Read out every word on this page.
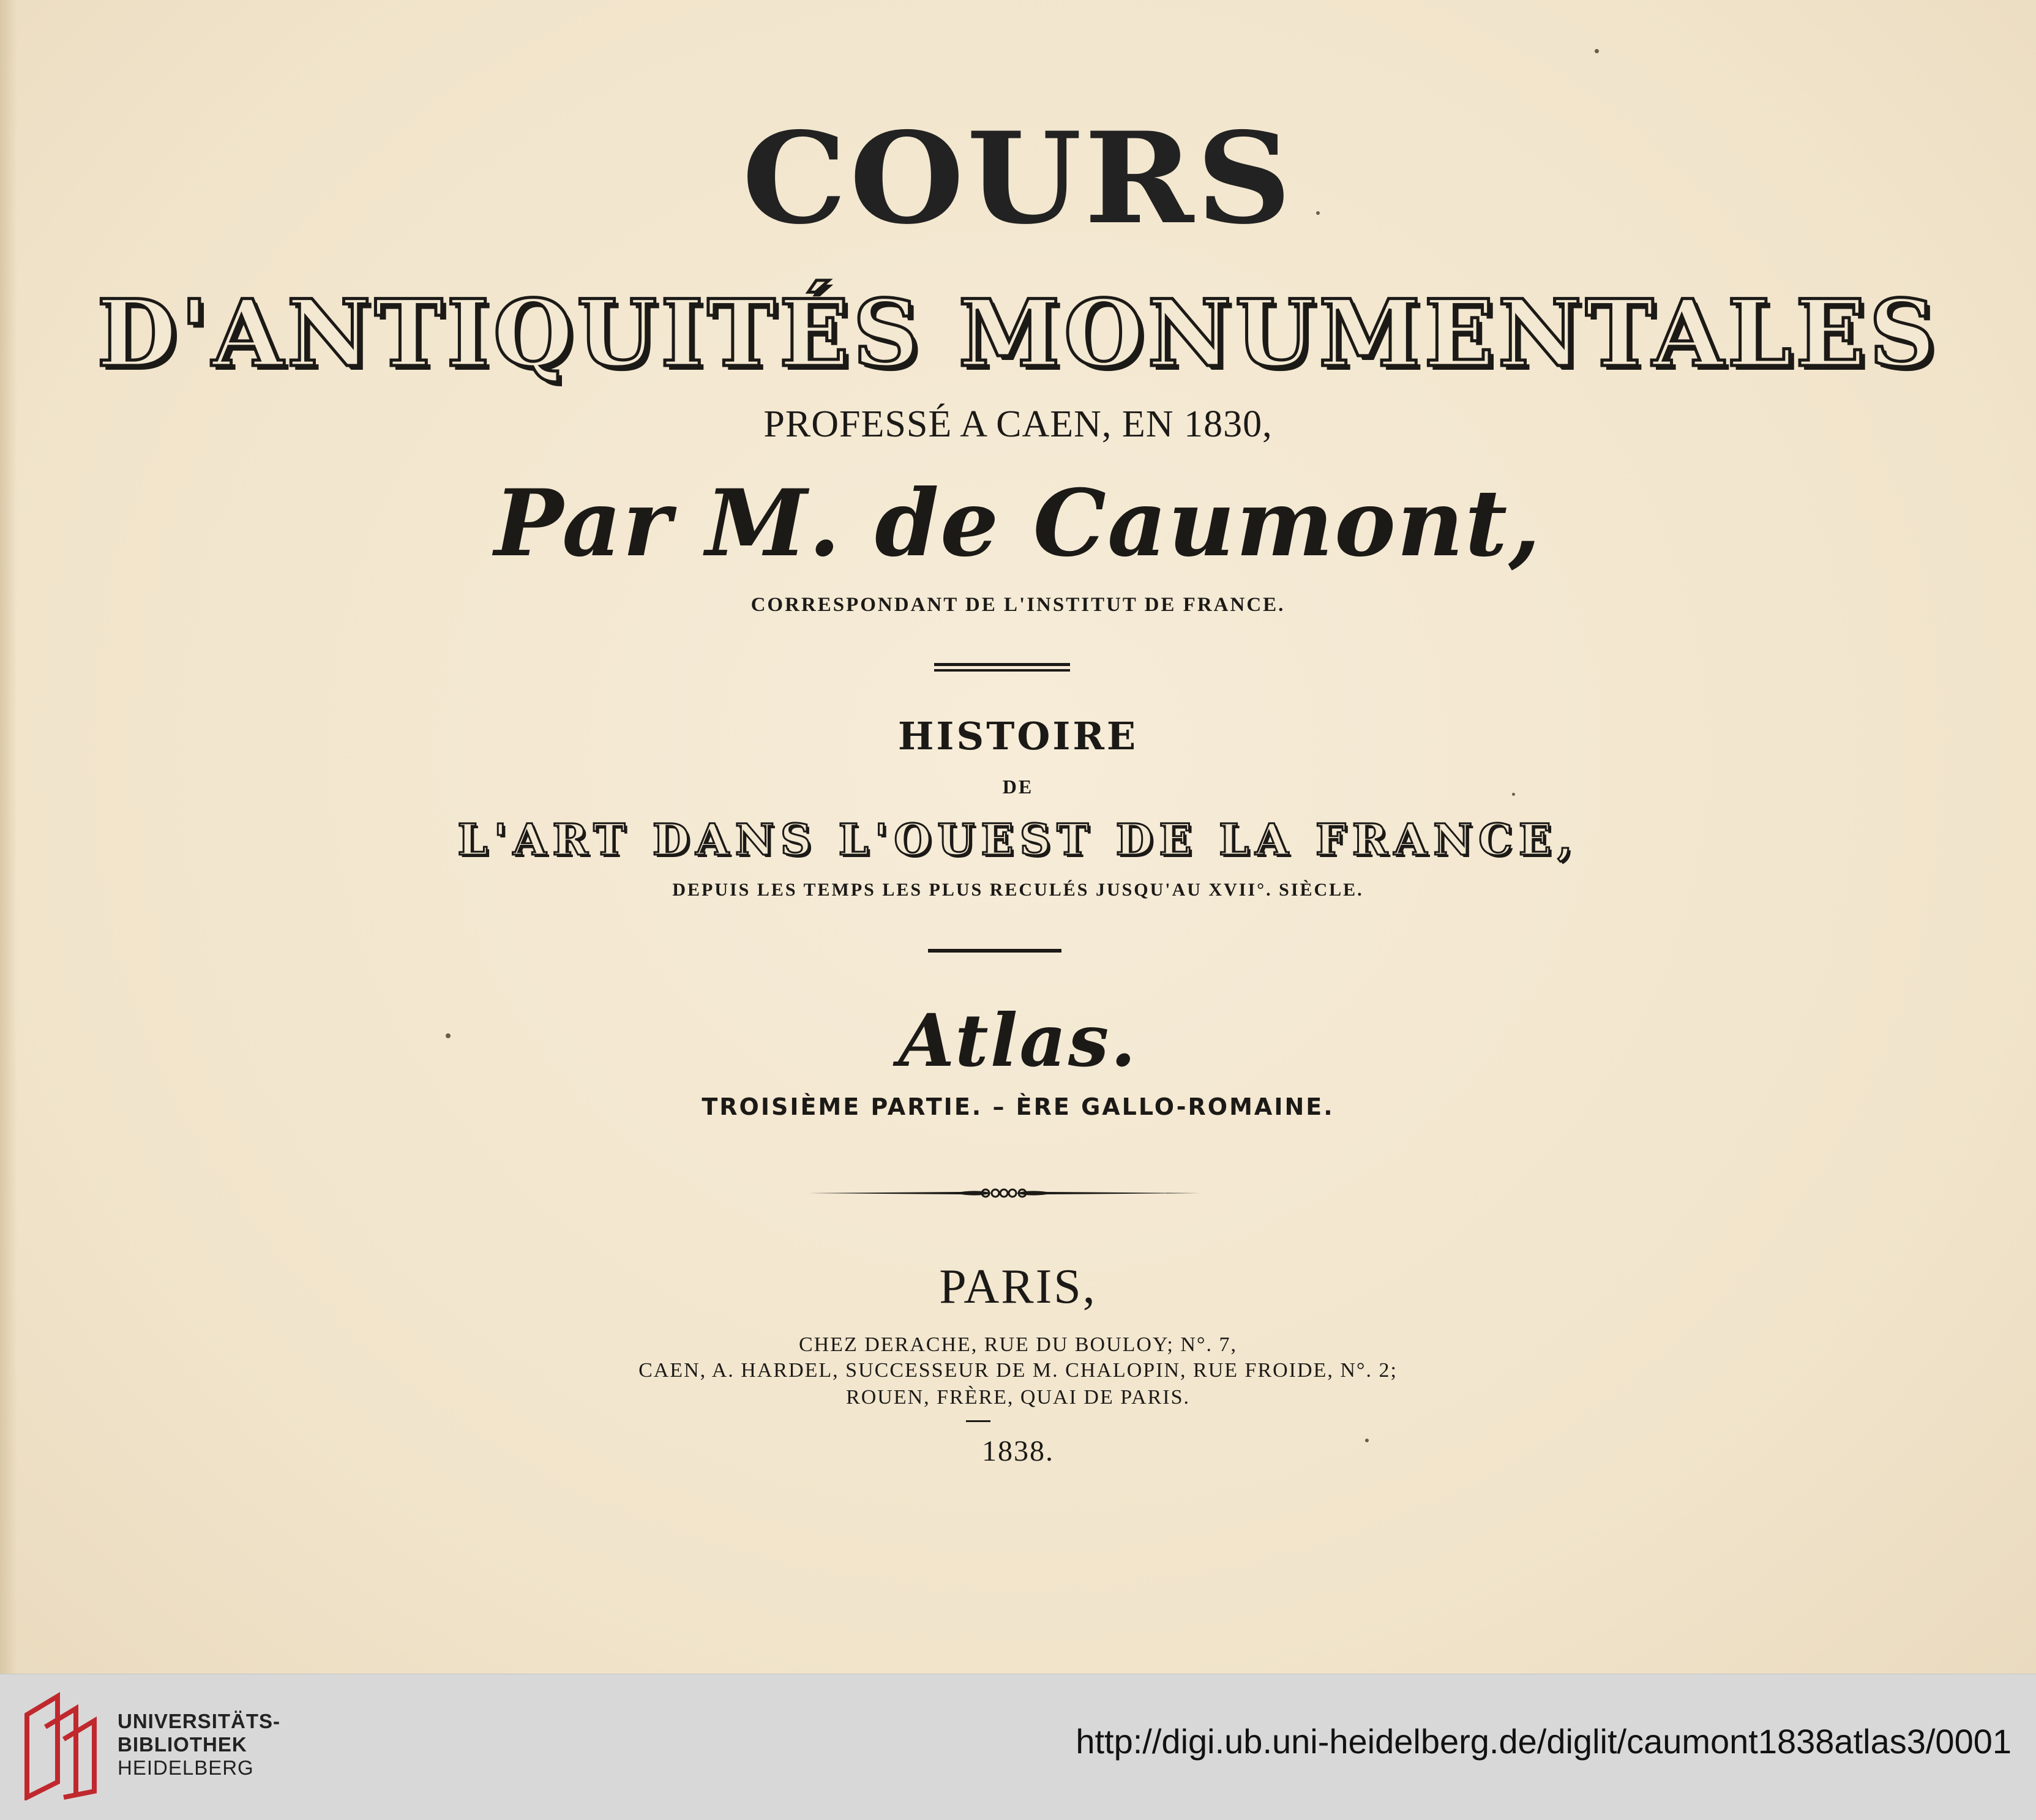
COURS
D'ANTIQUITÉS MONUMENTALES
PROFESSÉ A CAEN, EN 1830,
Par M. de Caumont,
CORRESPONDANT DE L'INSTITUT DE FRANCE.
HISTOIRE
DE
L'ART DANS L'OUEST DE LA FRANCE,
DEPUIS LES TEMPS LES PLUS RECULÉS JUSQU'AU XVII°. SIÈCLE.
Atlas.
TROISIÈME PARTIE. – ÈRE GALLO-ROMAINE.
PARIS,
CHEZ DERACHE, RUE DU BOULOY; N°. 7,
CAEN, A. HARDEL, SUCCESSEUR DE M. CHALOPIN, RUE FROIDE, N°. 2;
ROUEN, FRÈRE, QUAI DE PARIS.
1838.
UNIVERSITÄTS-
BIBLIOTHEK
HEIDELBERG
http://digi.ub.uni-heidelberg.de/diglit/caumont1838atlas3/0001
